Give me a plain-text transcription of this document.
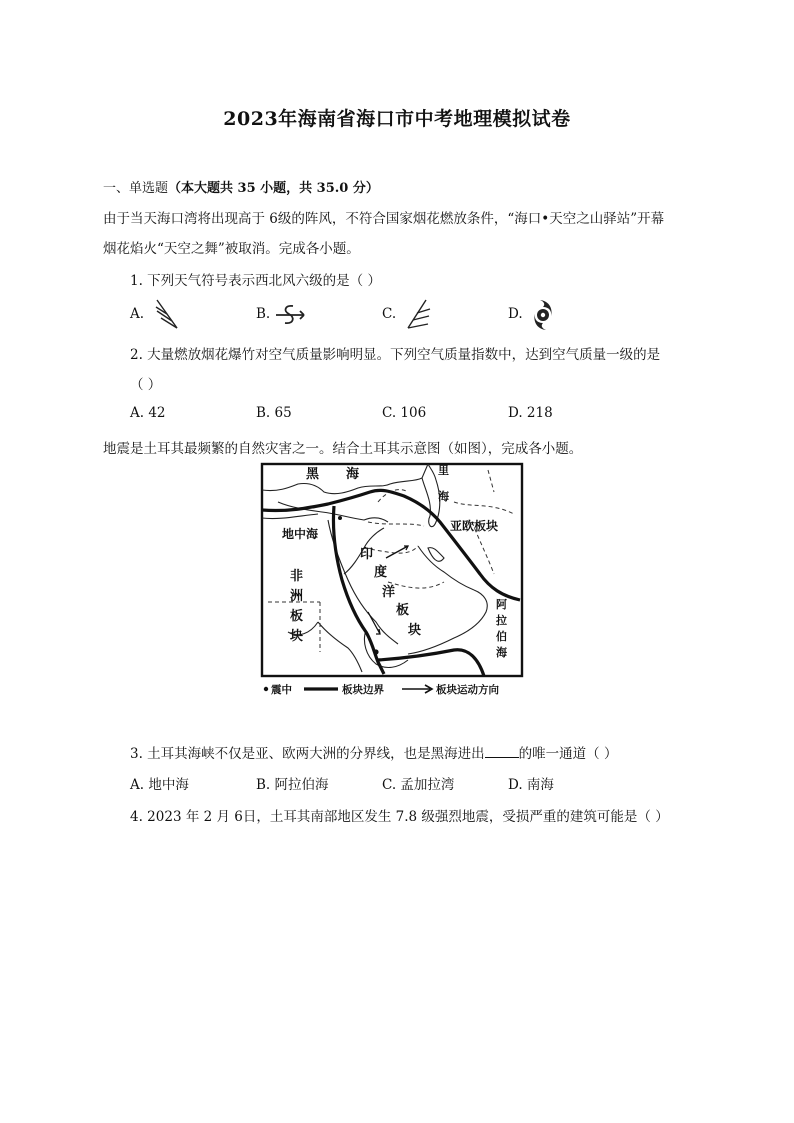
2023年海南省海口市中考地理模拟试卷
一、单选题（本大题共 35 小题，共 35.0 分）
由于当天海口湾将出现高于 6级的阵风，不符合国家烟花燃放条件，“海口•天空之山驿站”开幕
烟花焰火“天空之舞”被取消。完成各小题。
1. 下列天气符号表示西北风六级的是（ ）
A.	B.	C.	D.
2. 大量燃放烟花爆竹对空气质量影响明显。下列空气质量指数中，达到空气质量一级的是
（ ）
A. 42	B. 65	C. 106	D. 218
地震是土耳其最频繁的自然灾害之一。结合土耳其示意图（如图），完成各小题。
黑 海	里
海
地中海
亚欧板块
印
度
洋
板
块
非
洲
板
块
阿
拉
伯
海
震中	板块边界	板块运动方向
3. 土耳其海峡不仅是亚、欧两大洲的分界线，也是黑海进出	的唯一通道（ ）
A. 地中海	B. 阿拉伯海	C. 孟加拉湾	D. 南海
4. 2023 年 2 月 6日，土耳其南部地区发生 7.8 级强烈地震，受损严重的建筑可能是（ ）
